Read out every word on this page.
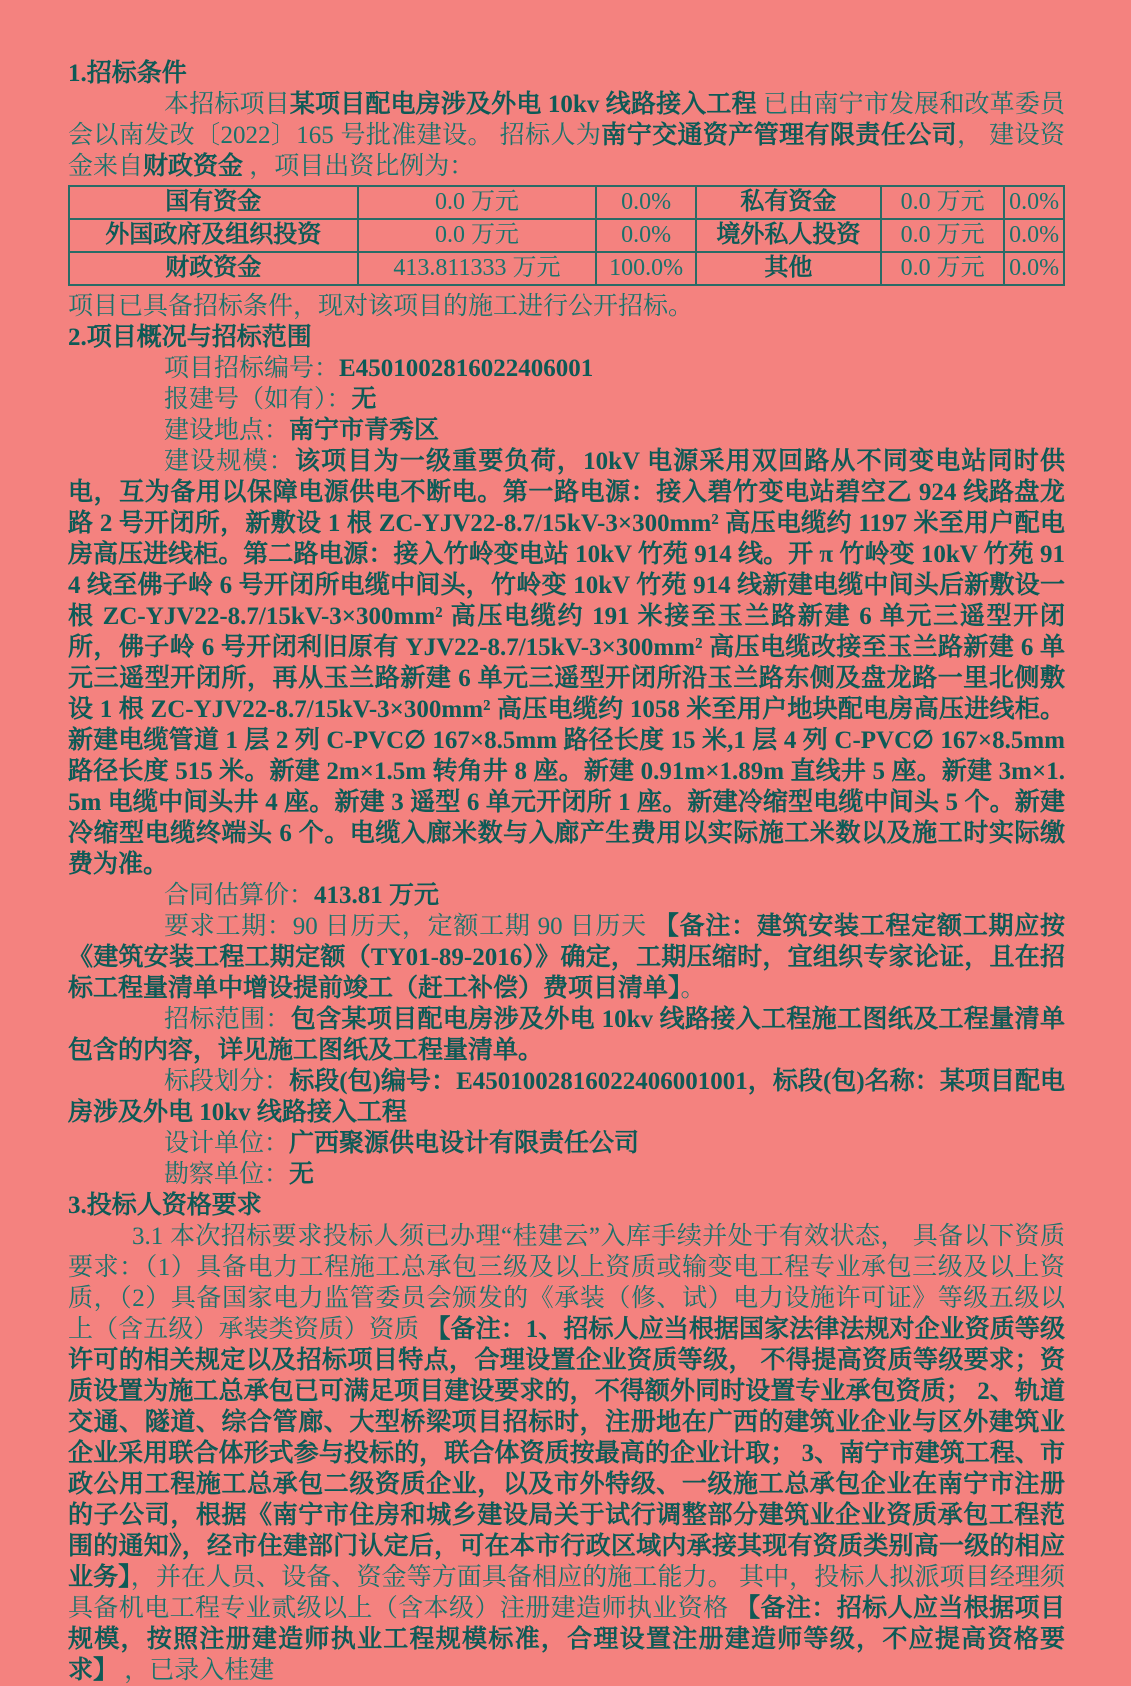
1.招标条件

本招标项目某项目配电房涉及外电 10kv 线路接入工程 已由南宁市发展和改革委员会以南发改〔2022〕165 号批准建设。 招标人为南宁交通资产管理有限责任公司， 建设资金来自财政资金 ，项目出资比例为：

国有资金	0.0 万元	0.0%	私有资金	0.0 万元	0.0%
外国政府及组织投资	0.0 万元	0.0%	境外私人投资	0.0 万元	0.0%
财政资金	413.811333 万元	100.0%	其他	0.0 万元	0.0%

项目已具备招标条件，现对该项目的施工进行公开招标。

2.项目概况与招标范围

项目招标编号：E4501002816022406001

报建号（如有）：无

建设地点：南宁市青秀区

建设规模：该项目为一级重要负荷，10kV 电源采用双回路从不同变电站同时供电，互为备用以保障电源供电不断电。第一路电源：接入碧竹变电站碧空乙 924 线路盘龙路 2 号开闭所，新敷设 1 根 ZC-YJV22-8.7/15kV-3×300mm² 高压电缆约 1197 米至用户配电房高压进线柜。第二路电源：接入竹岭变电站 10kV 竹苑 914 线。开 π 竹岭变 10kV 竹苑 914 线至佛子岭 6 号开闭所电缆中间头，竹岭变 10kV 竹苑 914 线新建电缆中间头后新敷设一根 ZC-YJV22-8.7/15kV-3×300mm² 高压电缆约 191 米接至玉兰路新建 6 单元三遥型开闭所，佛子岭 6 号开闭利旧原有 YJV22-8.7/15kV-3×300mm² 高压电缆改接至玉兰路新建 6 单元三遥型开闭所，再从玉兰路新建 6 单元三遥型开闭所沿玉兰路东侧及盘龙路一里北侧敷设 1 根 ZC-YJV22-8.7/15kV-3×300mm² 高压电缆约 1058 米至用户地块配电房高压进线柜。新建电缆管道 1 层 2 列 C-PVC∅ 167×8.5mm 路径长度 15 米,1 层 4 列 C-PVC∅ 167×8.5mm 路径长度 515 米。新建 2m×1.5m 转角井 8 座。新建 0.91m×1.89m 直线井 5 座。新建 3m×1.5m 电缆中间头井 4 座。新建 3 遥型 6 单元开闭所 1 座。新建冷缩型电缆中间头 5 个。新建冷缩型电缆终端头 6 个。电缆入廊米数与入廊产生费用以实际施工米数以及施工时实际缴费为准。

合同估算价：413.81 万元

要求工期：90 日历天，定额工期 90 日历天 【备注：建筑安装工程定额工期应按《建筑安装工程工期定额（TY01-89-2016）》确定，工期压缩时，宜组织专家论证，且在招标工程量清单中增设提前竣工（赶工补偿）费项目清单】。

招标范围：包含某项目配电房涉及外电 10kv 线路接入工程施工图纸及工程量清单包含的内容，详见施工图纸及工程量清单。

标段划分：标段(包)编号：E4501002816022406001001，标段(包)名称：某项目配电房涉及外电 10kv 线路接入工程

设计单位：广西聚源供电设计有限责任公司

勘察单位：无

3.投标人资格要求

3.1 本次招标要求投标人须已办理“桂建云”入库手续并处于有效状态， 具备以下资质要求：（1）具备电力工程施工总承包三级及以上资质或输变电工程专业承包三级及以上资质，（2）具备国家电力监管委员会颁发的《承装（修、试）电力设施许可证》等级五级以上（含五级）承装类资质）资质 【备注：1、招标人应当根据国家法律法规对企业资质等级许可的相关规定以及招标项目特点，合理设置企业资质等级， 不得提高资质等级要求；资质设置为施工总承包已可满足项目建设要求的，不得额外同时设置专业承包资质； 2、轨道交通、隧道、综合管廊、大型桥梁项目招标时，注册地在广西的建筑业企业与区外建筑业企业采用联合体形式参与投标的，联合体资质按最高的企业计取； 3、南宁市建筑工程、市政公用工程施工总承包二级资质企业，以及市外特级、一级施工总承包企业在南宁市注册的子公司，根据《南宁市住房和城乡建设局关于试行调整部分建筑业企业资质承包工程范围的通知》，经市住建部门认定后，可在本市行政区域内承接其现有资质类别高一级的相应业务】，并在人员、设备、资金等方面具备相应的施工能力。 其中，投标人拟派项目经理须具备机电工程专业贰级以上（含本级）注册建造师执业资格 【备注：招标人应当根据项目规模，按照注册建造师执业工程规模标准，合理设置注册建造师等级，不应提高资格要求】 ，已录入桂建
